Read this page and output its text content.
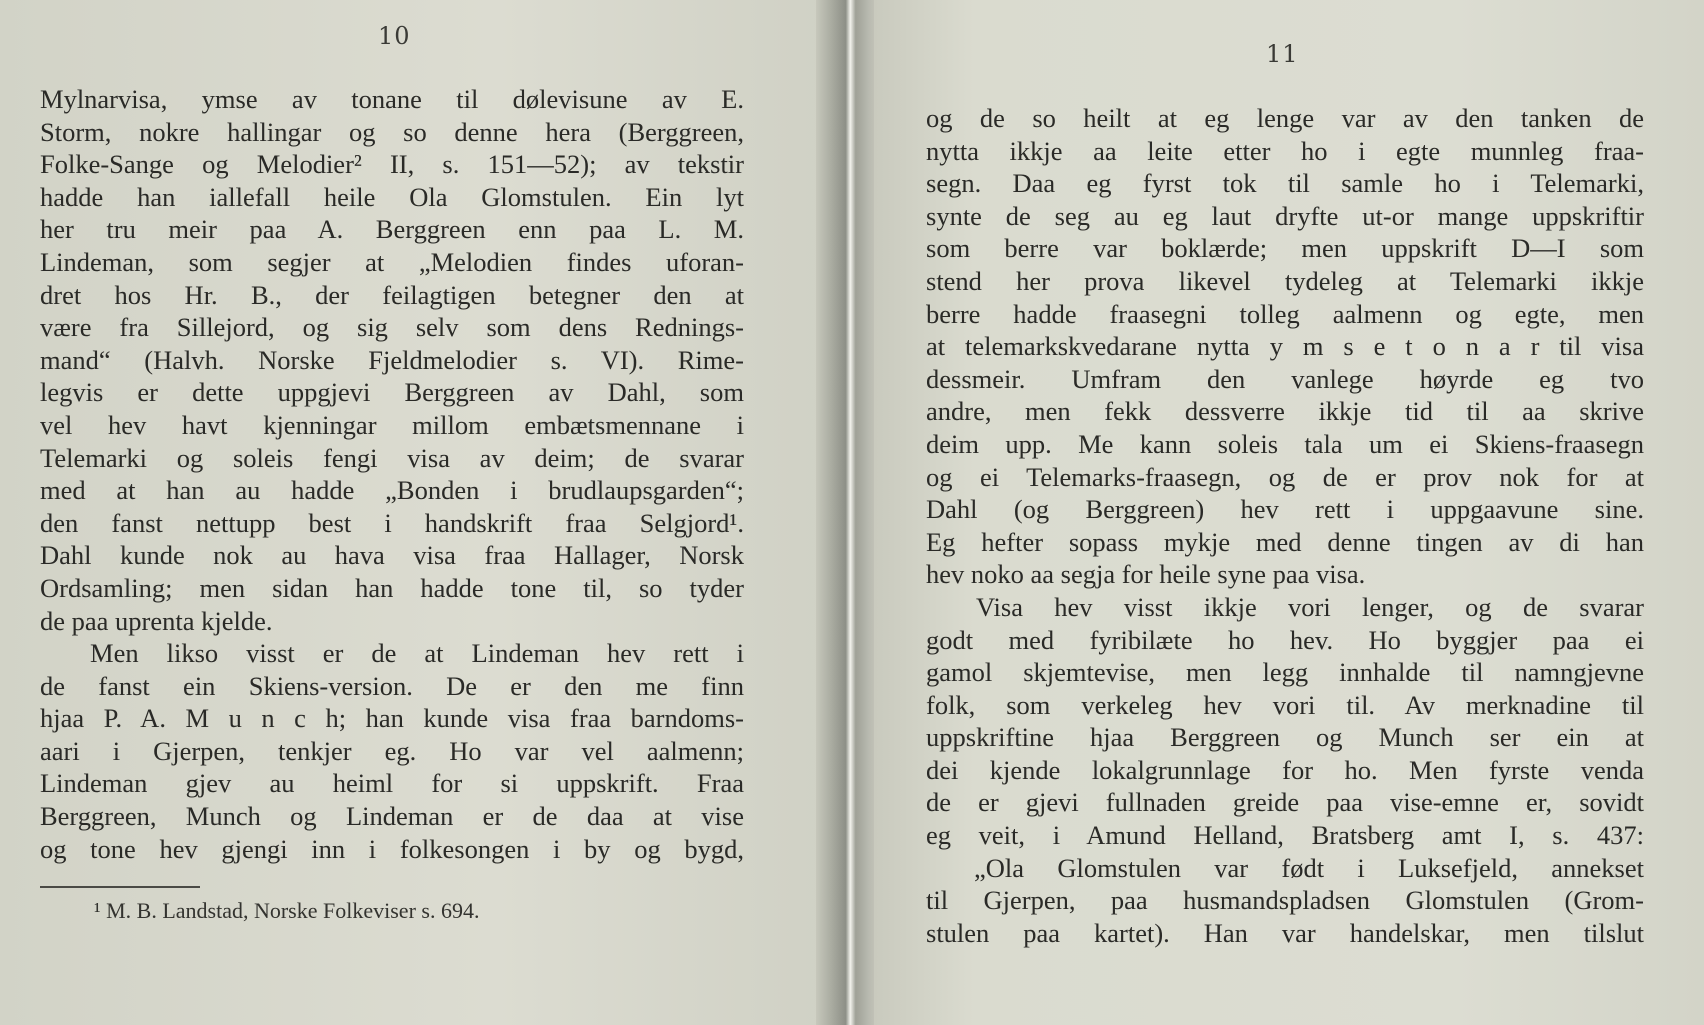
10
Mylnarvisa, ymse av tonane til dølevisune av E.
Storm, nokre hallingar og so denne hera (Berggreen,
Folke-Sange og Melodier² II, s. 151—52); av tekstir
hadde han iallefall heile Ola Glomstulen. Ein lyt
her tru meir paa A. Berggreen enn paa L. M.
Lindeman, som segjer at „Melodien findes uforan-
dret hos Hr. B., der feilagtigen betegner den at
være fra Sillejord, og sig selv som dens Rednings-
mand“ (Halvh. Norske Fjeldmelodier s. VI). Rime-
legvis er dette uppgjevi Berggreen av Dahl, som
vel hev havt kjenningar millom embætsmennane i
Telemarki og soleis fengi visa av deim; de svarar
med at han au hadde „Bonden i brudlaupsgarden“;
den fanst nettupp best i handskrift fraa Selgjord¹.
Dahl kunde nok au hava visa fraa Hallager, Norsk
Ordsamling; men sidan han hadde tone til, so tyder
de paa uprenta kjelde.
Men likso visst er de at Lindeman hev rett i
de fanst ein Skiens-version. De er den me finn
hjaa P. A. M u n c h; han kunde visa fraa barndoms-
aari i Gjerpen, tenkjer eg. Ho var vel aalmenn;
Lindeman gjev au heiml for si uppskrift. Fraa
Berggreen, Munch og Lindeman er de daa at vise
og tone hev gjengi inn i folkesongen i by og bygd,
¹ M. B. Landstad, Norske Folkeviser s. 694.
11
og de so heilt at eg lenge var av den tanken de
nytta ikkje aa leite etter ho i egte munnleg fraa-
segn. Daa eg fyrst tok til samle ho i Telemarki,
synte de seg au eg laut dryfte ut-or mange uppskriftir
som berre var boklærde; men uppskrift D—I som
stend her prova likevel tydeleg at Telemarki ikkje
berre hadde fraasegni tolleg aalmenn og egte, men
at telemarkskvedarane nytta y m s e t o n a r til visa
dessmeir. Umfram den vanlege høyrde eg tvo
andre, men fekk dessverre ikkje tid til aa skrive
deim upp. Me kann soleis tala um ei Skiens-fraasegn
og ei Telemarks-fraasegn, og de er prov nok for at
Dahl (og Berggreen) hev rett i uppgaavune sine.
Eg hefter sopass mykje med denne tingen av di han
hev noko aa segja for heile syne paa visa.
Visa hev visst ikkje vori lenger, og de svarar
godt med fyribilæte ho hev. Ho byggjer paa ei
gamol skjemtevise, men legg innhalde til namngjevne
folk, som verkeleg hev vori til. Av merknadine til
uppskriftine hjaa Berggreen og Munch ser ein at
dei kjende lokalgrunnlage for ho. Men fyrste venda
de er gjevi fullnaden greide paa vise-emne er, sovidt
eg veit, i Amund Helland, Bratsberg amt I, s. 437:
„Ola Glomstulen var født i Luksefjeld, annekset
til Gjerpen, paa husmandspladsen Glomstulen (Grom-
stulen paa kartet). Han var handelskar, men tilslut
